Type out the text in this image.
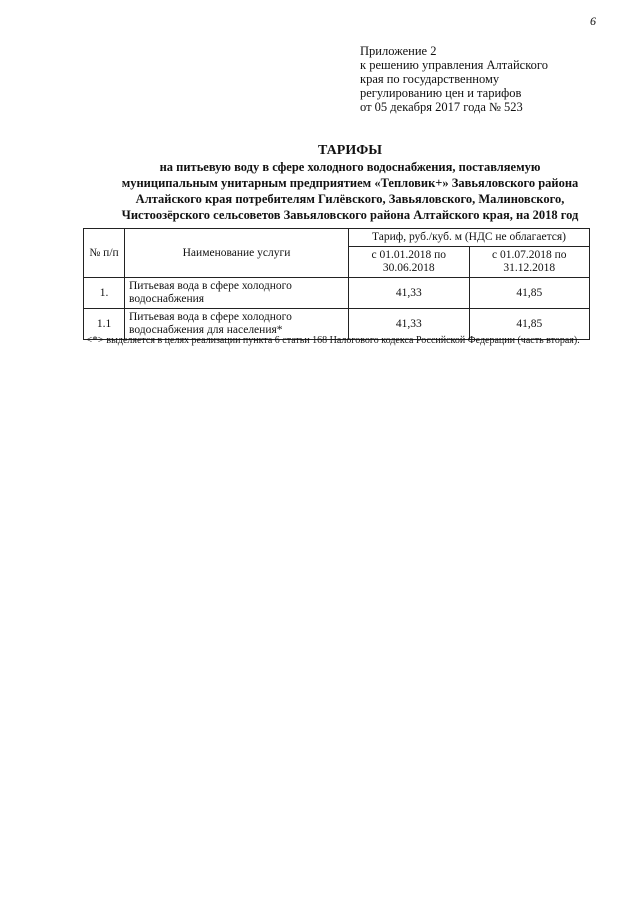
6
Приложение 2
к решению управления Алтайского
края по государственному
регулированию цен и тарифов
от 05 декабря 2017 года № 523
ТАРИФЫ
на питьевую воду в сфере холодного водоснабжения, поставляемую
муниципальным унитарным предприятием «Тепловик+» Завьяловского района
Алтайского края потребителям Гилёвского, Завьяловского, Малиновского,
Чистоозёрского сельсоветов Завьяловского района Алтайского края, на 2018 год
№ п/п	Наименование услуги	Тариф, руб./куб. м (НДС не облагается)	
		с 01.01.2018 по 30.06.2018	с 01.07.2018 по 31.12.2018
1.	Питьевая вода в сфере холодного водоснабжения	41,33	41,85
1.1	Питьевая вода в сфере холодного водоснабжения для населения*	41,33	41,85
<*> выделяется в целях реализации пункта 6 статьи 168 Налогового кодекса Российской Федерации (часть вторая).
